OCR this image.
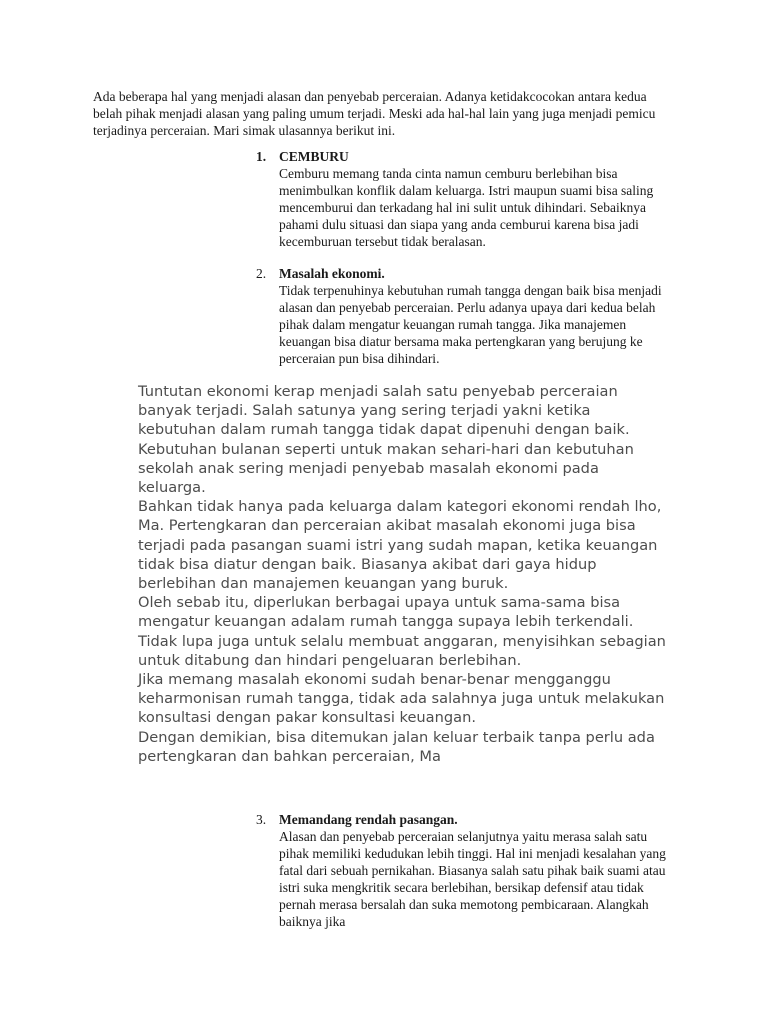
Ada beberapa hal yang menjadi alasan dan penyebab perceraian. Adanya ketidakcocokan antara kedua belah pihak menjadi alasan yang paling umum terjadi. Meski ada hal-hal lain yang juga menjadi pemicu terjadinya perceraian. Mari simak ulasannya berikut ini.
1. CEMBURU
Cemburu memang tanda cinta namun cemburu berlebihan bisa menimbulkan konflik dalam keluarga. Istri maupun suami bisa saling mencemburui dan terkadang hal ini sulit untuk dihindari. Sebaiknya pahami dulu situasi dan siapa yang anda cemburui karena bisa jadi kecemburuan tersebut tidak beralasan.
2. Masalah ekonomi.
Tidak terpenuhinya kebutuhan rumah tangga dengan baik bisa menjadi alasan dan penyebab perceraian. Perlu adanya upaya dari kedua belah pihak dalam mengatur keuangan rumah tangga. Jika manajemen keuangan bisa diatur bersama maka pertengkaran yang berujung ke perceraian pun bisa dihindari.

Tuntutan ekonomi kerap menjadi salah satu penyebab perceraian banyak terjadi. Salah satunya yang sering terjadi yakni ketika kebutuhan dalam rumah tangga tidak dapat dipenuhi dengan baik. Kebutuhan bulanan seperti untuk makan sehari-hari dan kebutuhan sekolah anak sering menjadi penyebab masalah ekonomi pada keluarga.

Bahkan tidak hanya pada keluarga dalam kategori ekonomi rendah lho, Ma. Pertengkaran dan perceraian akibat masalah ekonomi juga bisa terjadi pada pasangan suami istri yang sudah mapan, ketika keuangan tidak bisa diatur dengan baik. Biasanya akibat dari gaya hidup berlebihan dan manajemen keuangan yang buruk.

Oleh sebab itu, diperlukan berbagai upaya untuk sama-sama bisa mengatur keuangan adalam rumah tangga supaya lebih terkendali. Tidak lupa juga untuk selalu membuat anggaran, menyisihkan sebagian untuk ditabung dan hindari pengeluaran berlebihan.

Jika memang masalah ekonomi sudah benar-benar mengganggu keharmonisan rumah tangga, tidak ada salahnya juga untuk melakukan konsultasi dengan pakar konsultasi keuangan.

Dengan demikian, bisa ditemukan jalan keluar terbaik tanpa perlu ada pertengkaran dan bahkan perceraian, Ma

3. Memandang rendah pasangan.
Alasan dan penyebab perceraian selanjutnya yaitu merasa salah satu pihak memiliki kedudukan lebih tinggi. Hal ini menjadi kesalahan yang fatal dari sebuah pernikahan. Biasanya salah satu pihak baik suami atau istri suka mengkritik secara berlebihan, bersikap defensif atau tidak pernah merasa bersalah dan suka memotong pembicaraan. Alangkah baiknya jika
